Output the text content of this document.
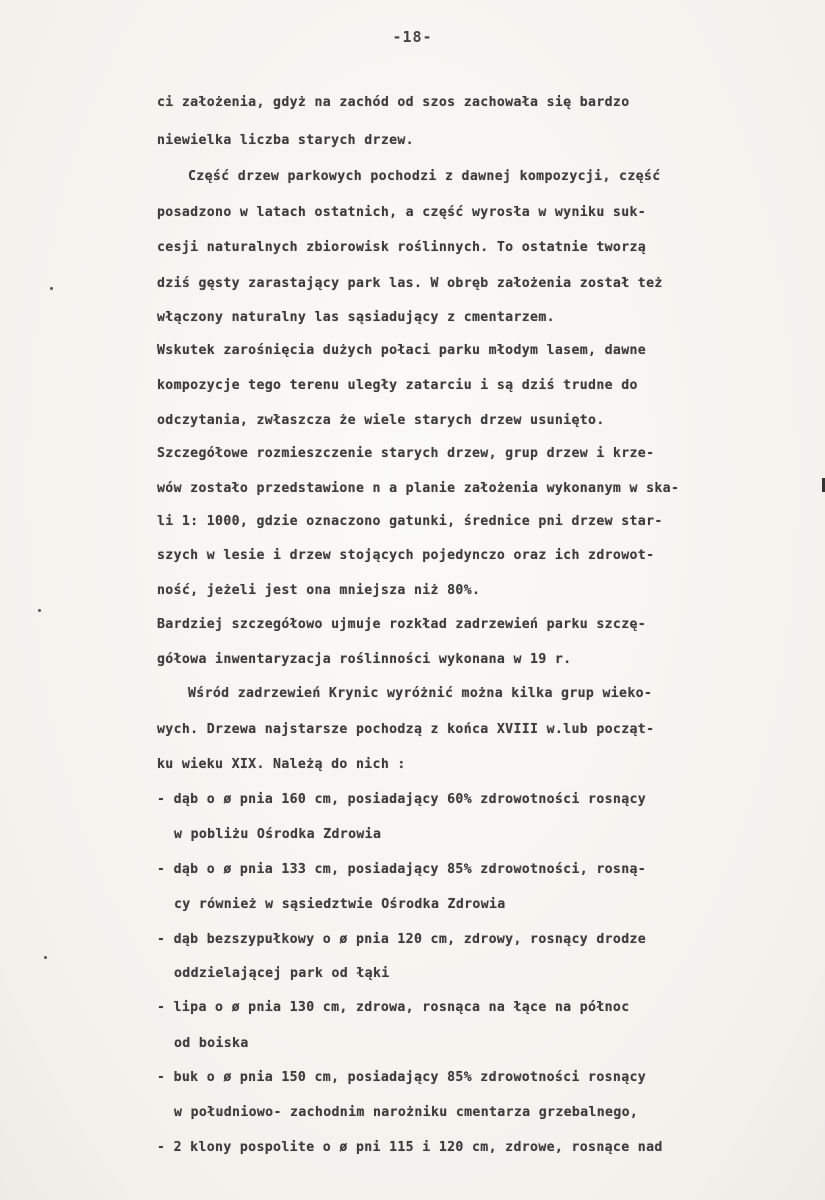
-18-
ci założenia, gdyż na zachód od szos zachowała się bardzo
niewielka liczba starych drzew.
Część drzew parkowych pochodzi z dawnej kompozycji, część
posadzono w latach ostatnich, a część wyrosła w wyniku suk-
cesji naturalnych zbiorowisk roślinnych. To ostatnie tworzą
dziś gęsty zarastający park las. W obręb założenia został też
włączony naturalny las sąsiadujący z cmentarzem.
Wskutek zarośnięcia dużych połaci parku młodym lasem, dawne
kompozycje tego terenu uległy zatarciu i są dziś trudne do
odczytania, zwłaszcza że wiele starych drzew usunięto.
Szczegółowe rozmieszczenie starych drzew, grup drzew i krze-
wów zostało przedstawione n a planie założenia wykonanym w ska-
li 1: 1000, gdzie oznaczono gatunki, średnice pni drzew star-
szych w lesie i drzew stojących pojedynczo oraz ich zdrowot-
ność, jeżeli jest ona mniejsza niż 80%.
Bardziej szczegółowo ujmuje rozkład zadrzewień parku szczę-
gółowa inwentaryzacja roślinności wykonana w 19 r.
Wśród zadrzewień Krynic wyróżnić można kilka grup wieko-
wych. Drzewa najstarsze pochodzą z końca XVIII w.lub począt-
ku wieku XIX. Należą do nich :
- dąb o ø pnia 160 cm, posiadający 60% zdrowotności rosnący
w pobliżu Ośrodka Zdrowia
- dąb o ø pnia 133 cm, posiadający 85% zdrowotności, rosną-
cy również w sąsiedztwie Ośrodka Zdrowia
- dąb bezszypułkowy o ø pnia 120 cm, zdrowy, rosnący drodze
oddzielającej park od łąki
- lipa o ø pnia 130 cm, zdrowa, rosnąca na łące na północ
od boiska
- buk o ø pnia 150 cm, posiadający 85% zdrowotności rosnący
w południowo- zachodnim narożniku cmentarza grzebalnego,
- 2 klony pospolite o ø pni 115 i 120 cm, zdrowe, rosnące nad
